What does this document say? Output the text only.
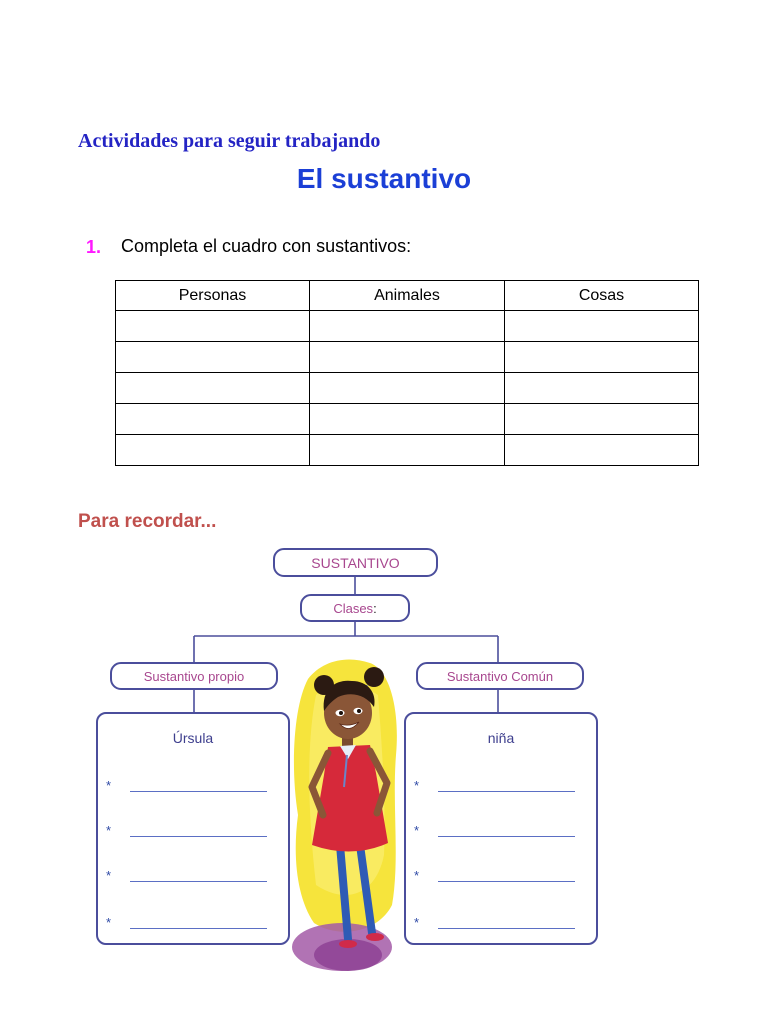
Actividades para seguir trabajando
El sustantivo
1. Completa el cuadro con sustantivos:
Personas	Animales	Cosas

Para recordar...
SUSTANTIVO
Clases :
Sustantivo propio	Sustantivo Común
Úrsula
*
*
*
*
niña
*
*
*
*
